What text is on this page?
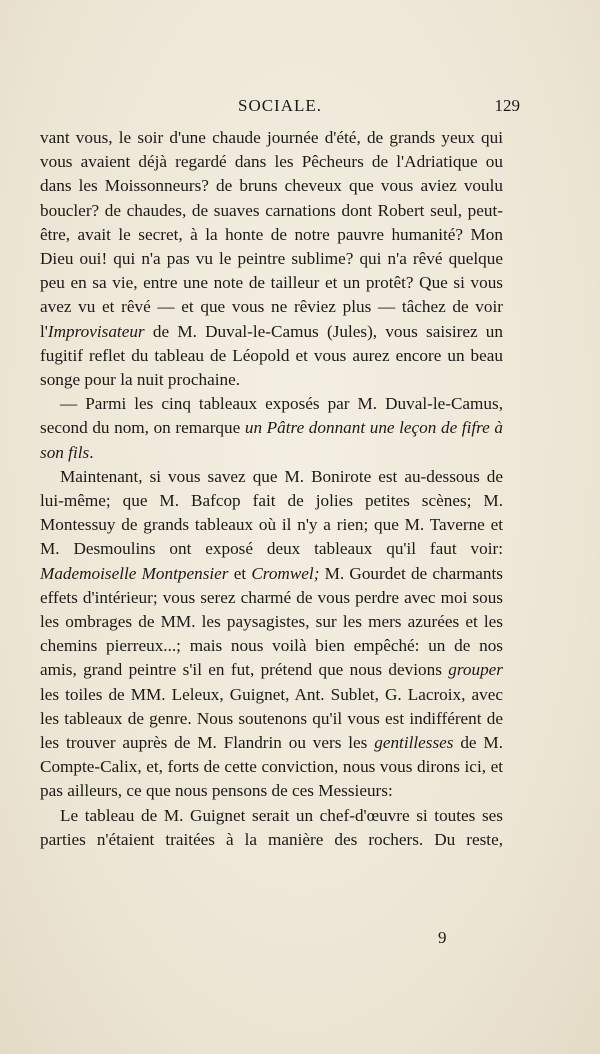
SOCIALE.	129

vant vous, le soir d'une chaude journée d'été, de grands yeux qui vous avaient déjà regardé dans les Pêcheurs de l'Adriatique ou dans les Moissonneurs? de bruns cheveux que vous aviez voulu boucler? de chaudes, de suaves carnations dont Robert seul, peut-être, avait le secret, à la honte de notre pauvre humanité? Mon Dieu oui! qui n'a pas vu le peintre sublime? qui n'a rêvé quelque peu en sa vie, entre une note de tailleur et un protêt? Que si vous avez vu et rêvé — et que vous ne rêviez plus — tâchez de voir l'Improvisateur de M. Duval-le-Camus (Jules), vous saisirez un fugitif reflet du tableau de Léopold et vous aurez encore un beau songe pour la nuit prochaine.

— Parmi les cinq tableaux exposés par M. Duval-le-Camus, second du nom, on remarque un Pâtre donnant une leçon de fifre à son fils.

Maintenant, si vous savez que M. Bonirote est au-dessous de lui-même; que M. Bafcop fait de jolies petites scènes; M. Montessuy de grands tableaux où il n'y a rien; que M. Taverne et M. Desmoulins ont exposé deux tableaux qu'il faut voir: Mademoiselle Montpensier et Cromwel; M. Gourdet de charmants effets d'intérieur; vous serez charmé de vous perdre avec moi sous les ombrages de MM. les paysagistes, sur les mers azurées et les chemins pierreux...; mais nous voilà bien empêché: un de nos amis, grand peintre s'il en fut, prétend que nous devions grouper les toiles de MM. Leleux, Guignet, Ant. Sublet, G. Lacroix, avec les tableaux de genre. Nous soutenons qu'il vous est indifférent de les trouver auprès de M. Flandrin ou vers les gentillesses de M. Compte-Calix, et, forts de cette conviction, nous vous dirons ici, et pas ailleurs, ce que nous pensons de ces Messieurs:

Le tableau de M. Guignet serait un chef-d'œuvre si toutes ses parties n'étaient traitées à la manière des rochers. Du reste,

9
